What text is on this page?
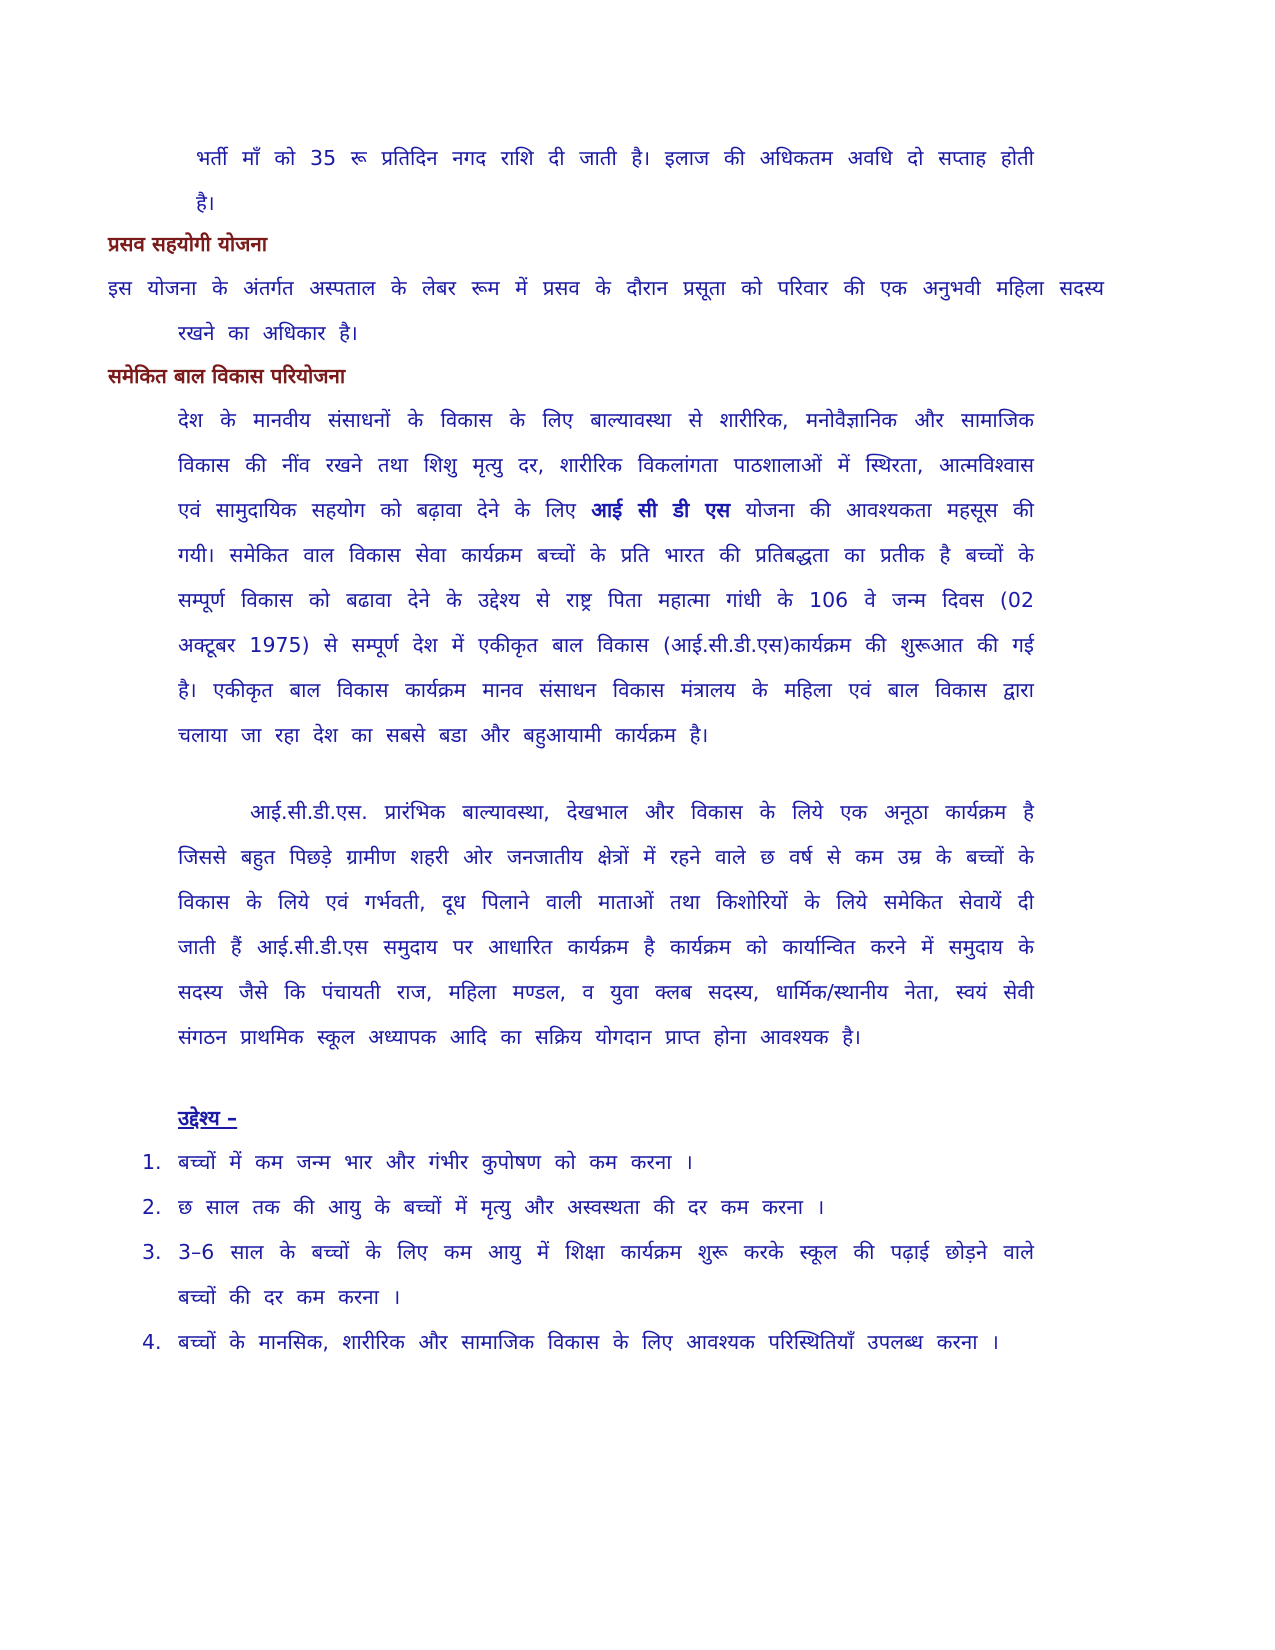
भर्ती माँ को 35 रू प्रतिदिन नगद राशि दी जाती है। इलाज की अधिकतम अवधि दो सप्ताह होती है।

प्रसव सहयोगी योजना

इस योजना के अंतर्गत अस्पताल के लेबर रूम में प्रसव के दौरान प्रसूता को परिवार की एक अनुभवी महिला सदस्य रखने का अधिकार है।

समेकित बाल विकास परियोजना

देश के मानवीय संसाधनों के विकास के लिए बाल्यावस्था से शारीरिक, मनोवैज्ञानिक और सामाजिक विकास की नींव रखने तथा शिशु मृत्यु दर, शारीरिक विकलांगता पाठशालाओं में स्थिरता, आत्मविश्वास एवं सामुदायिक सहयोग को बढ़ावा देने के लिए आई सी डी एस योजना की आवश्यकता महसूस की गयी। समेकित वाल विकास सेवा कार्यक्रम बच्चों के प्रति भारत की प्रतिबद्धता का प्रतीक है बच्चों के सम्पूर्ण विकास को बढावा देने के उद्देश्य से राष्ट्र पिता महात्मा गांधी के 106 वे जन्म दिवस (02 अक्टूबर 1975) से सम्पूर्ण देश में एकीकृत बाल विकास (आई.सी.डी.एस)कार्यक्रम की शुरूआत की गई है। एकीकृत बाल विकास कार्यक्रम मानव संसाधन विकास मंत्रालय के महिला एवं बाल विकास द्वारा चलाया जा रहा देश का सबसे बडा और बहुआयामी कार्यक्रम है।

आई.सी.डी.एस. प्रारंभिक बाल्यावस्था, देखभाल और विकास के लिये एक अनूठा कार्यक्रम है जिससे बहुत पिछड़े ग्रामीण शहरी ओर जनजातीय क्षेत्रों में रहने वाले छ वर्ष से कम उम्र के बच्चों के विकास के लिये एवं गर्भवती, दूध पिलाने वाली माताओं तथा किशोरियों के लिये समेकित सेवायें दी जाती हैं आई.सी.डी.एस समुदाय पर आधारित कार्यक्रम है कार्यक्रम को कार्यान्वित करने में समुदाय के सदस्य जैसे कि पंचायती राज, महिला मण्डल, व युवा क्लब सदस्य, धार्मिक/स्थानीय नेता, स्वयं सेवी संगठन प्राथमिक स्कूल अध्यापक आदि का सक्रिय योगदान प्राप्त होना आवश्यक है।

उद्देश्य –

1. बच्चों में कम जन्म भार और गंभीर कुपोषण को कम करना ।
2. छ साल तक की आयु के बच्चों में मृत्यु और अस्वस्थता की दर कम करना ।
3. 3–6 साल के बच्चों के लिए कम आयु में शिक्षा कार्यक्रम शुरू करके स्कूल की पढ़ाई छोड़ने वाले बच्चों की दर कम करना ।
4. बच्चों के मानसिक, शारीरिक और सामाजिक विकास के लिए आवश्यक परिस्थितियाँ उपलब्ध करना ।
